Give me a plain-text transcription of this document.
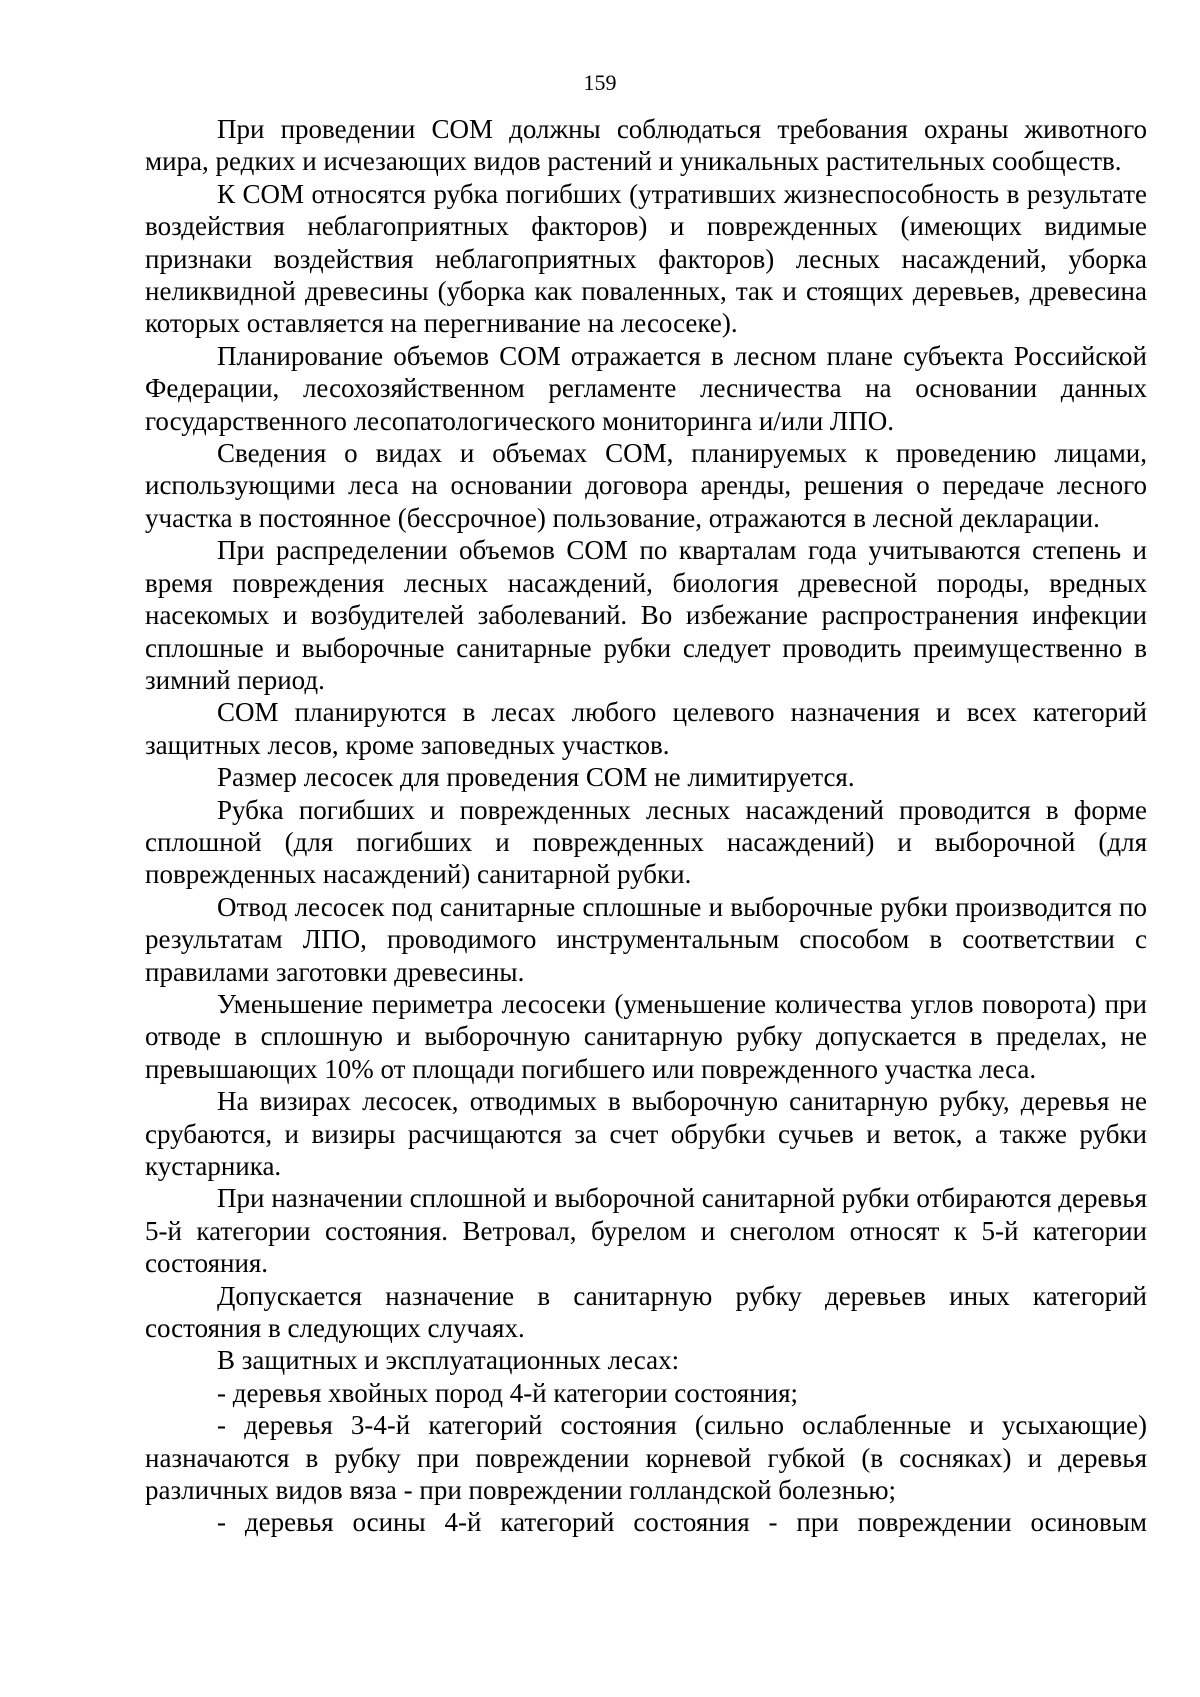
159

При проведении СОМ должны соблюдаться требования охраны животного мира, редких и исчезающих видов растений и уникальных растительных сообществ.

К СОМ относятся рубка погибших (утративших жизнеспособность в результате воздействия неблагоприятных факторов) и поврежденных (имеющих видимые признаки воздействия неблагоприятных факторов) лесных насаждений, уборка неликвидной древесины (уборка как поваленных, так и стоящих деревьев, древесина которых оставляется на перегнивание на лесосеке).

Планирование объемов СОМ отражается в лесном плане субъекта Российской Федерации, лесохозяйственном регламенте лесничества на основании данных государственного лесопатологического мониторинга и/или ЛПО.

Сведения о видах и объемах СОМ, планируемых к проведению лицами, использующими леса на основании договора аренды, решения о передаче лесного участка в постоянное (бессрочное) пользование, отражаются в лесной декларации.

При распределении объемов СОМ по кварталам года учитываются степень и время повреждения лесных насаждений, биология древесной породы, вредных насекомых и возбудителей заболеваний. Во избежание распространения инфекции сплошные и выборочные санитарные рубки следует проводить преимущественно в зимний период.

СОМ планируются в лесах любого целевого назначения и всех категорий защитных лесов, кроме заповедных участков.

Размер лесосек для проведения СОМ не лимитируется.

Рубка погибших и поврежденных лесных насаждений проводится в форме сплошной (для погибших и поврежденных насаждений) и выборочной (для поврежденных насаждений) санитарной рубки.

Отвод лесосек под санитарные сплошные и выборочные рубки производится по результатам ЛПО, проводимого инструментальным способом в соответствии с правилами заготовки древесины.

Уменьшение периметра лесосеки (уменьшение количества углов поворота) при отводе в сплошную и выборочную санитарную рубку допускается в пределах, не превышающих 10% от площади погибшего или поврежденного участка леса.

На визирах лесосек, отводимых в выборочную санитарную рубку, деревья не срубаются, и визиры расчищаются за счет обрубки сучьев и веток, а также рубки кустарника.

При назначении сплошной и выборочной санитарной рубки отбираются деревья 5-й категории состояния. Ветровал, бурелом и снеголом относят к 5-й категории состояния.

Допускается назначение в санитарную рубку деревьев иных категорий состояния в следующих случаях.

В защитных и эксплуатационных лесах:

- деревья хвойных пород 4-й категории состояния;

- деревья 3-4-й категорий состояния (сильно ослабленные и усыхающие) назначаются в рубку при повреждении корневой губкой (в сосняках) и деревья различных видов вяза - при повреждении голландской болезнью;

- деревья осины 4-й категорий состояния - при повреждении осиновым
